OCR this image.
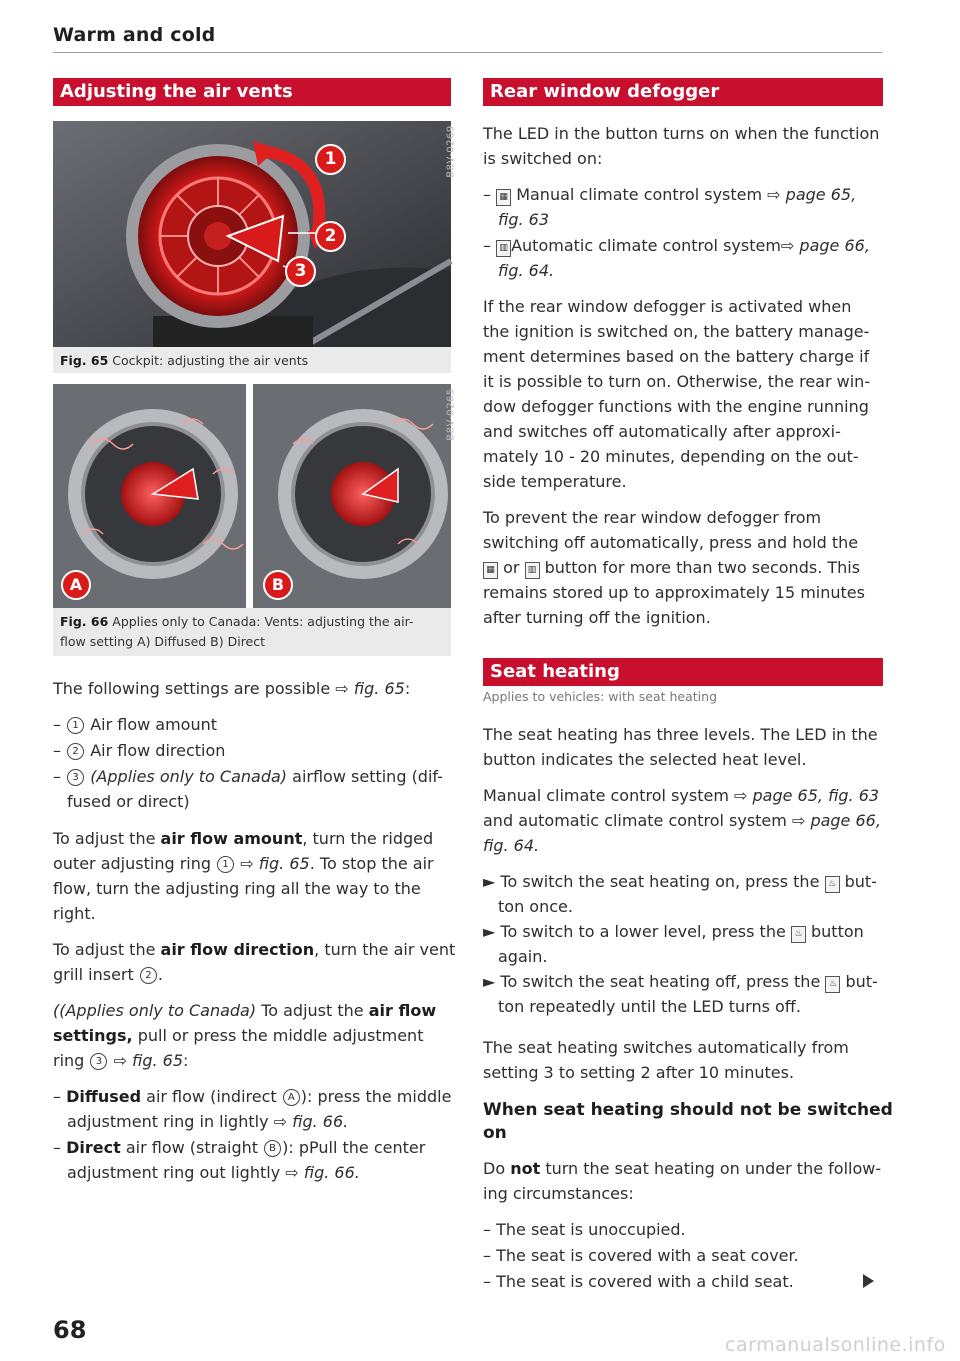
Warm and cold
Adjusting the air vents
1
2
3
B8V-0269
Fig. 65 Cockpit: adjusting the air vents
A	B
B8V-0265
Fig. 66 Applies only to Canada: Vents: adjusting the air-flow setting A) Diffused B) Direct

The following settings are possible ⇨ fig. 65:

– 1 Air flow amount

– 2 Air flow direction

– 3 (Applies only to Canada) airflow setting (dif-

fused or direct)

To adjust the air flow amount, turn the ridged

outer adjusting ring 1 ⇨ fig. 65. To stop the air

flow, turn the adjusting ring all the way to the

right.

To adjust the air flow direction, turn the air vent

grill insert 2 .

((Applies only to Canada) To adjust the air flow

settings, pull or press the middle adjustment

ring 3 ⇨ fig. 65:

– Diffused air flow (indirect A ): press the middle

adjustment ring in lightly ⇨ fig. 66.

– Direct air flow (straight B ): pPull the center

adjustment ring out lightly ⇨ fig. 66.

Rear window defogger

The LED in the button turns on when the function

is switched on:

– ▦ Manual climate control system ⇨ page 65,

fig. 63

– ▥ Automatic climate control system⇨ page 66,

fig. 64.

If the rear window defogger is activated when

the ignition is switched on, the battery manage-

ment determines based on the battery charge if

it is possible to turn on. Otherwise, the rear win-

dow defogger functions with the engine running

and switches off automatically after approxi-

mately 10 - 20 minutes, depending on the out-

side temperature.

To prevent the rear window defogger from

switching off automatically, press and hold the

▦ or ▥ button for more than two seconds. This

remains stored up to approximately 15 minutes

after turning off the ignition.

Seat heating
Applies to vehicles: with seat heating

The seat heating has three levels. The LED in the

button indicates the selected heat level.

Manual climate control system ⇨ page 65, fig. 63

and automatic climate control system ⇨ page 66,

fig. 64.

► To switch the seat heating on, press the ♨ but-

ton once.

► To switch to a lower level, press the ♨ button

again.

► To switch the seat heating off, press the ♨ but-

ton repeatedly until the LED turns off.

The seat heating switches automatically from

setting 3 to setting 2 after 10 minutes.

When seat heating should not be switched
on

Do not turn the seat heating on under the follow-

ing circumstances:

– The seat is unoccupied.

– The seat is covered with a seat cover.

– The seat is covered with a child seat.

68
carmanualsonline.info
